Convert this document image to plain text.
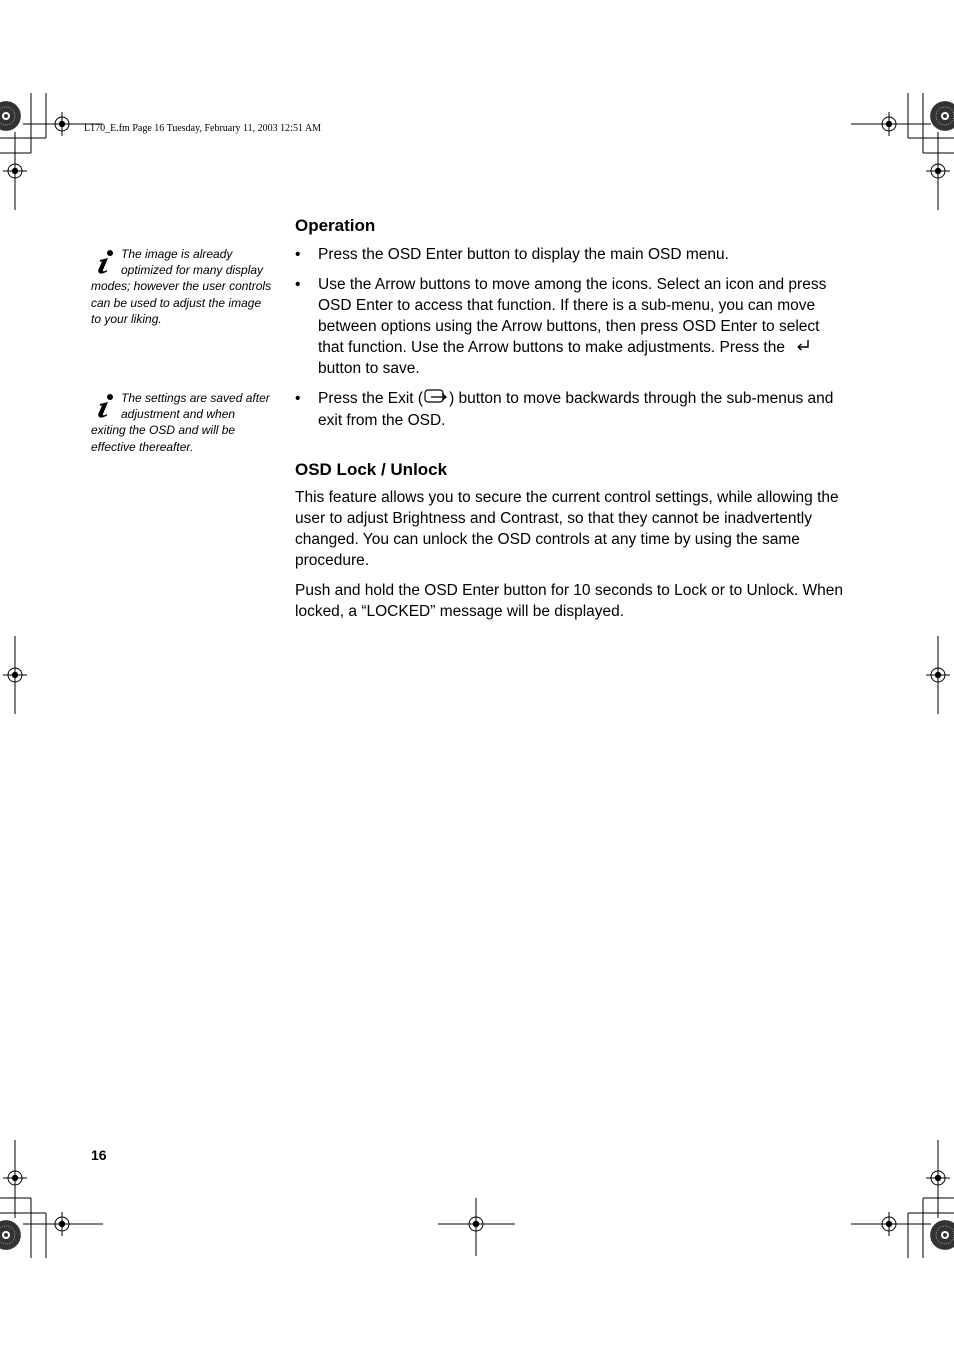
L170_E.fm Page 16 Tuesday, February 11, 2003 12:51 AM
Operation
• Press the OSD Enter button to display the main OSD menu.
• Use the Arrow buttons to move among the icons. Select an icon and press OSD Enter to access that function. If there is a sub-menu, you can move between options using the Arrow buttons, then press OSD Enter to select that function. Use the Arrow buttons to make adjustments. Press the  button to save.
• Press the Exit ( ) button to move backwards through the sub-menus and exit from the OSD.
OSD Lock / Unlock

This feature allows you to secure the current control settings, while allowing the user to adjust Brightness and Contrast, so that they cannot be inadvertently changed. You can unlock the OSD controls at any time by using the same procedure.

Push and hold the OSD Enter button for 10 seconds to Lock or to Unlock. When locked, a “LOCKED” message will be displayed.

The image is already optimized for many display modes; however the user controls can be used to adjust the image to your liking.
The settings are saved after adjustment and when exiting the OSD and will be effective thereafter.
16
